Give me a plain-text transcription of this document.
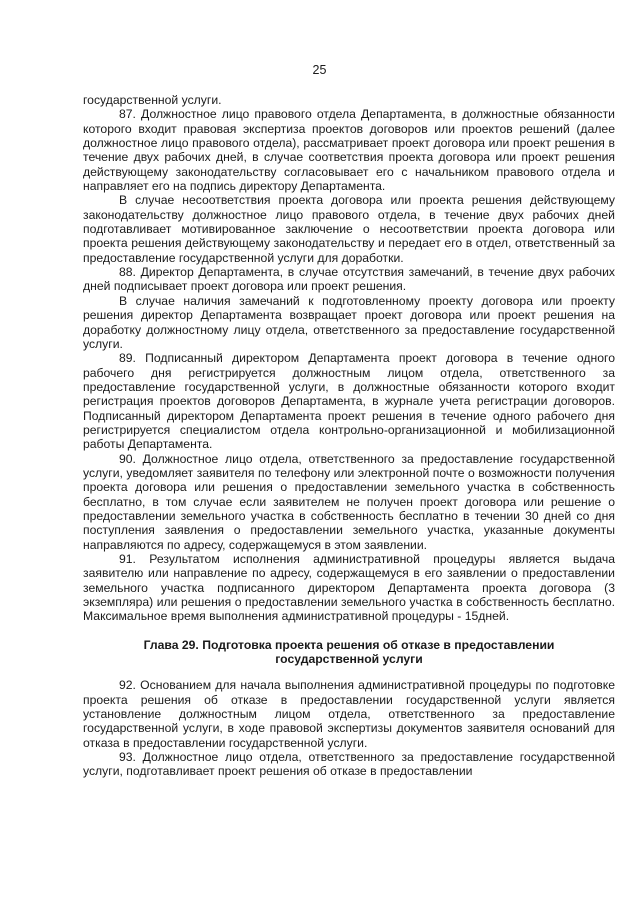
25

государственной услуги.

87. Должностное лицо правового отдела Департамента, в должностные обязанности которого входит правовая экспертиза проектов договоров или проектов решений (далее должностное лицо правового отдела), рассматривает проект договора или проект решения в течение двух рабочих дней, в случае соответствия проекта договора или проект решения действующему законодательству согласовывает его с начальником правового отдела и направляет его на подпись директору Департамента.

В случае несоответствия проекта договора или проекта решения действующему законодательству должностное лицо правового отдела, в течение двух рабочих дней подготавливает мотивированное заключение о несоответствии проекта договора или проекта решения действующему законодательству и передает его в отдел, ответственный за предоставление государственной услуги для доработки.

88. Директор Департамента, в случае отсутствия замечаний, в течение двух рабочих дней подписывает проект договора или проект решения.

В случае наличия замечаний к подготовленному проекту договора или проекту решения директор Департамента возвращает проект договора или проект решения на доработку должностному лицу отдела, ответственного за предоставление государственной услуги.

89. Подписанный директором Департамента проект договора в течение одного рабочего дня регистрируется должностным лицом отдела, ответственного за предоставление государственной услуги, в должностные обязанности которого входит регистрация проектов договоров Департамента, в журнале учета регистрации договоров. Подписанный директором Департамента проект решения в течение одного рабочего дня регистрируется специалистом отдела контрольно-организационной и мобилизационной работы Департамента.

90. Должностное лицо отдела, ответственного за предоставление государственной услуги, уведомляет заявителя по телефону или электронной почте о возможности получения проекта договора или решения о предоставлении земельного участка в собственность бесплатно, в том случае если заявителем не получен проект договора или решение о предоставлении земельного участка в собственность бесплатно в течении 30 дней со дня поступления заявления о предоставлении земельного участка, указанные документы направляются по адресу, содержащемуся в этом заявлении.

91. Результатом исполнения административной процедуры является выдача заявителю или направление по адресу, содержащемуся в его заявлении о предоставлении земельного участка подписанного директором Департамента проекта договора (3 экземпляра) или решения о предоставлении земельного участка в собственность бесплатно. Максимальное время выполнения административной процедуры - 15дней.

Глава 29. Подготовка проекта решения об отказе в предоставлении государственной услуги

92. Основанием для начала выполнения административной процедуры по подготовке проекта решения об отказе в предоставлении государственной услуги является установление должностным лицом отдела, ответственного за предоставление государственной услуги, в ходе правовой экспертизы документов заявителя оснований для отказа в предоставлении государственной услуги.

93. Должностное лицо отдела, ответственного за предоставление государственной услуги, подготавливает проект решения об отказе в предоставлении
